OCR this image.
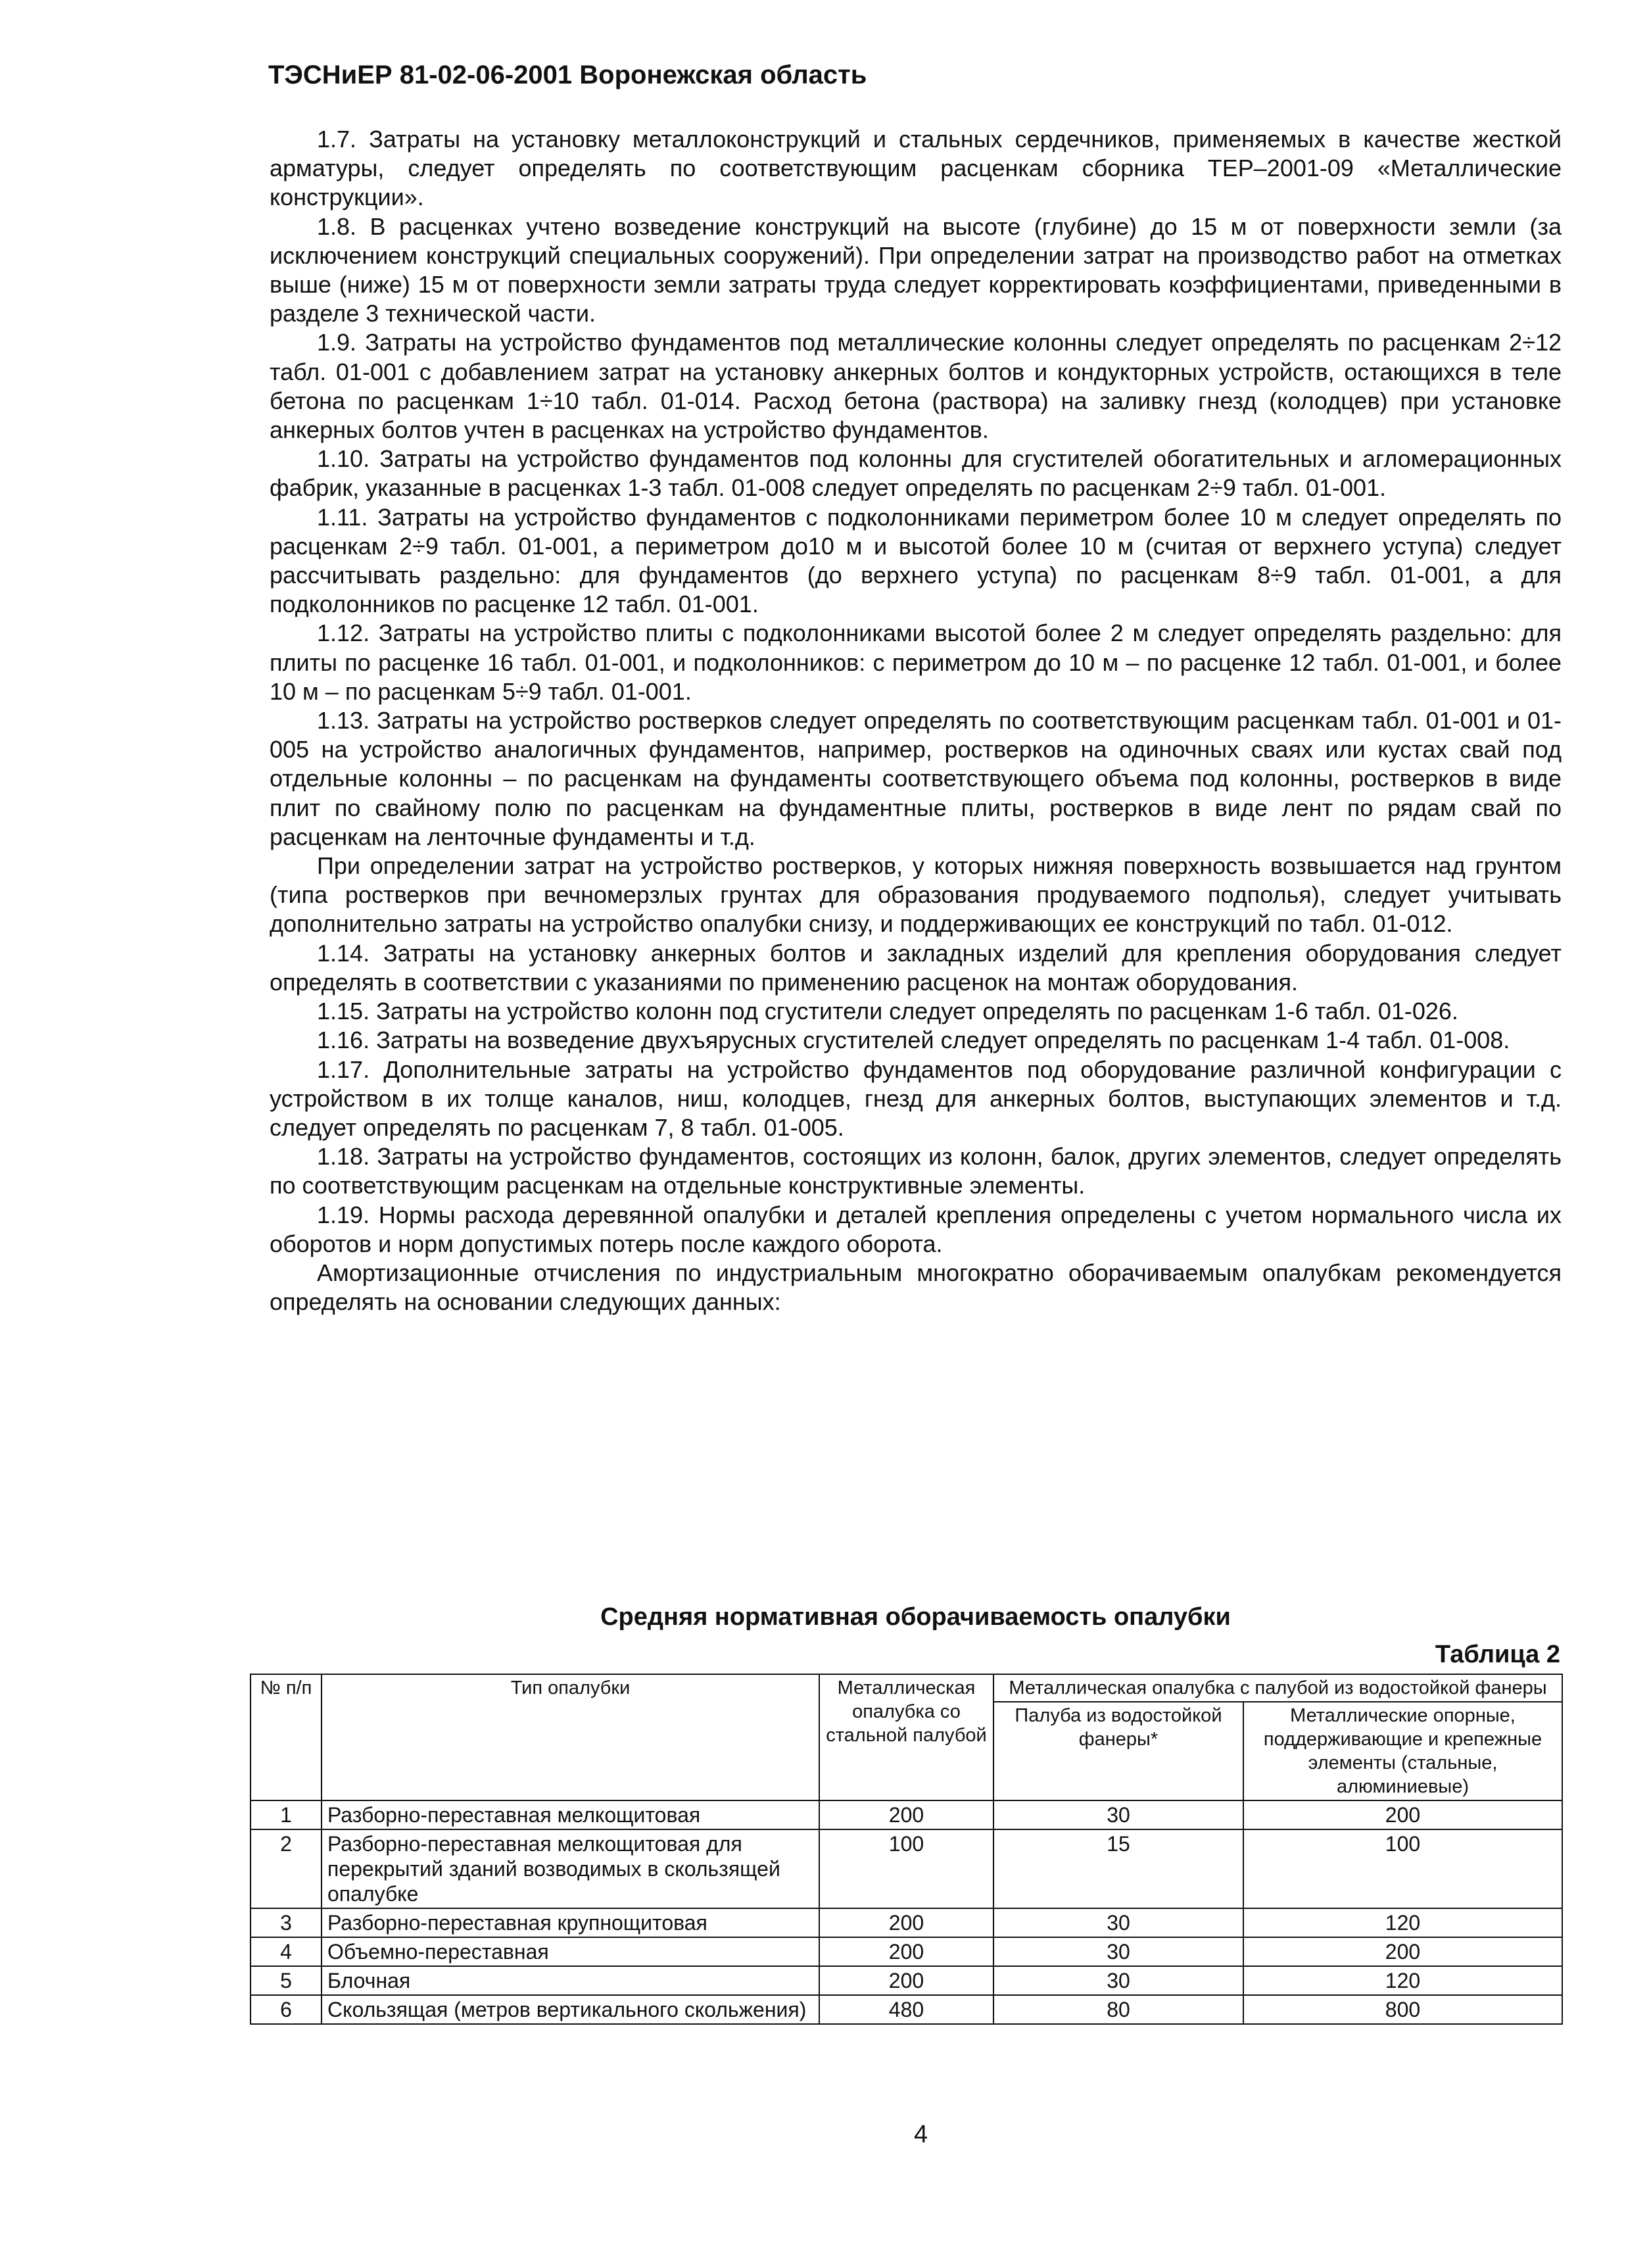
ТЭСНиЕР 81-02-06-2001 Воронежская область

1.7. Затраты на установку металлоконструкций и стальных сердечников, применяемых в качестве жесткой арматуры, следует определять по соответствующим расценкам сборника ТЕР–2001-09 «Металлические конструкции».

1.8. В расценках учтено возведение конструкций на высоте (глубине) до 15 м от поверхности земли (за исключением конструкций специальных сооружений). При определении затрат на производство работ на отметках выше (ниже) 15 м от поверхности земли затраты труда следует корректировать коэффициентами, приведенными в разделе 3 технической части.

1.9. Затраты на устройство фундаментов под металлические колонны следует определять по расценкам 2÷12 табл. 01-001 с добавлением затрат на установку анкерных болтов и кондукторных устройств, остающихся в теле бетона по расценкам 1÷10 табл. 01-014. Расход бетона (раствора) на заливку гнезд (колодцев) при установке анкерных болтов учтен в расценках на устройство фундаментов.

1.10. Затраты на устройство фундаментов под колонны для сгустителей обогатительных и агломерационных фабрик, указанные в расценках 1-3 табл. 01-008 следует определять по расценкам 2÷9 табл. 01-001.

1.11. Затраты на устройство фундаментов с подколонниками периметром более 10 м следует определять по расценкам 2÷9 табл. 01-001, а периметром до10 м и высотой более 10 м (считая от верхнего уступа) следует рассчитывать раздельно: для фундаментов (до верхнего уступа) по расценкам 8÷9 табл. 01-001, а для подколонников по расценке 12 табл. 01-001.

1.12. Затраты на устройство плиты с подколонниками высотой более 2 м следует определять раздельно: для плиты по расценке 16 табл. 01-001, и подколонников: с периметром до 10 м – по расценке 12 табл. 01-001, и более 10 м – по расценкам 5÷9 табл. 01-001.

1.13. Затраты на устройство ростверков следует определять по соответствующим расценкам табл. 01-001 и 01-005 на устройство аналогичных фундаментов, например, ростверков на одиночных сваях или кустах свай под отдельные колонны – по расценкам на фундаменты соответствующего объема под колонны, ростверков в виде плит по свайному полю по расценкам на фундаментные плиты, ростверков в виде лент по рядам свай по расценкам на ленточные фундаменты и т.д.

При определении затрат на устройство ростверков, у которых нижняя поверхность возвышается над грунтом (типа ростверков при вечномерзлых грунтах для образования продуваемого подполья), следует учитывать дополнительно затраты на устройство опалубки снизу, и поддерживающих ее конструкций по табл. 01-012.

1.14. Затраты на установку анкерных болтов и закладных изделий для крепления оборудования следует определять в соответствии с указаниями по применению расценок на монтаж оборудования.

1.15. Затраты на устройство колонн под сгустители следует определять по расценкам 1-6 табл. 01-026.

1.16. Затраты на возведение двухъярусных сгустителей следует определять по расценкам 1-4 табл. 01-008.

1.17. Дополнительные затраты на устройство фундаментов под оборудование различной конфигурации с устройством в их толще каналов, ниш, колодцев, гнезд для анкерных болтов, выступающих элементов и т.д. следует определять по расценкам 7, 8 табл. 01-005.

1.18. Затраты на устройство фундаментов, состоящих из колонн, балок, других элементов, следует определять по соответствующим расценкам на отдельные конструктивные элементы.

1.19. Нормы расхода деревянной опалубки и деталей крепления определены с учетом нормального числа их оборотов и норм допустимых потерь после каждого оборота.

Амортизационные отчисления по индустриальным многократно оборачиваемым опалубкам рекомендуется определять на основании следующих данных:

Средняя нормативная оборачиваемость опалубки
Таблица 2
№ п/п	Тип опалубки	Металлическая опалубка со стальной палубой	Металлическая опалубка с палубой из водостойкой фанеры	
			Палуба из водостойкой фанеры*	Металлические опорные, поддерживающие и крепежные элементы (стальные, алюминиевые)
1	Разборно-переставная мелкощитовая	200	30	200
2	Разборно-переставная мелкощитовая для перекрытий зданий возводимых в скользящей опалубке	100	15	100
3	Разборно-переставная крупнощитовая	200	30	120
4	Объемно-переставная	200	30	200
5	Блочная	200	30	120
6	Скользящая (метров вертикального скольжения)	480	80	800
4
